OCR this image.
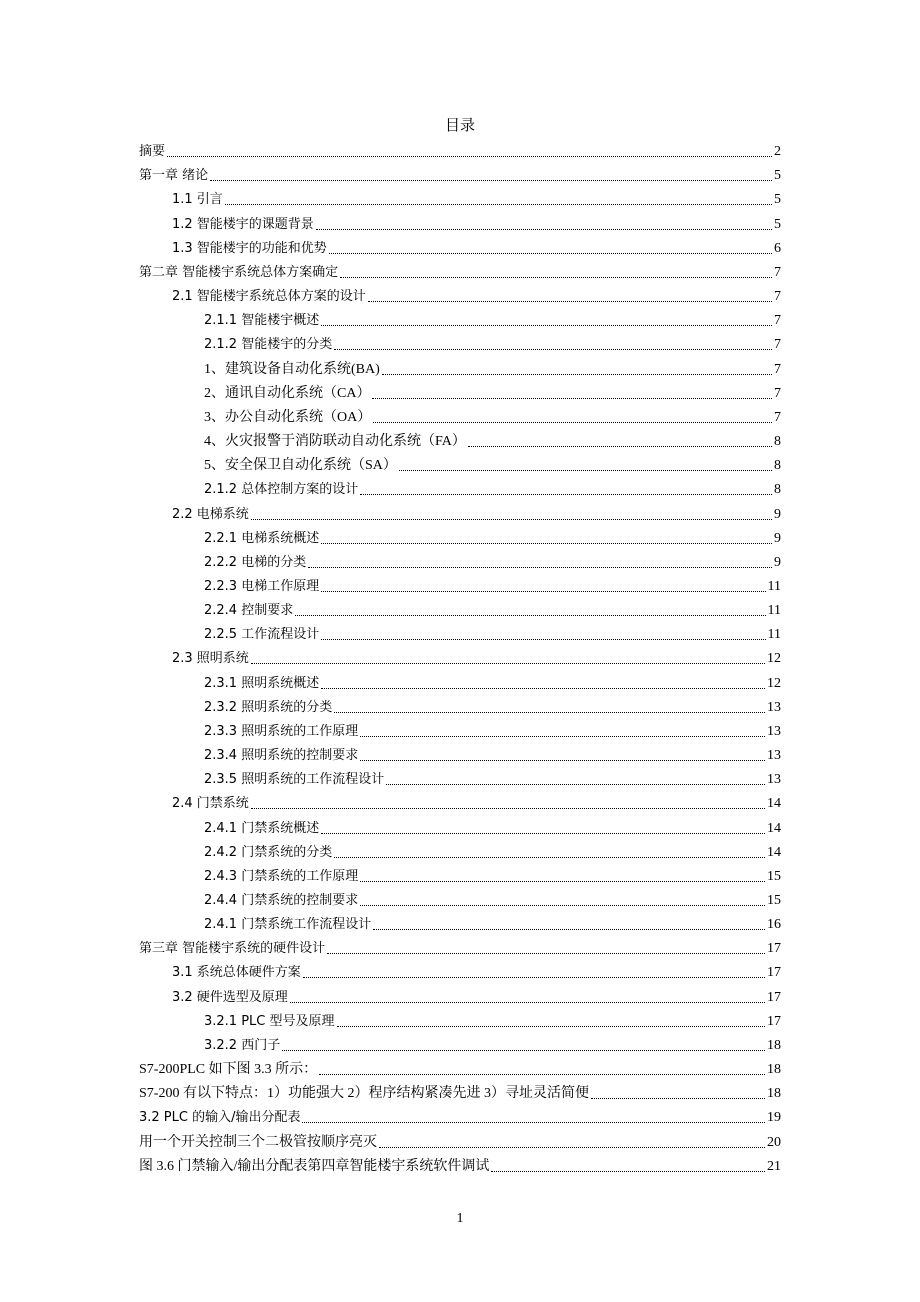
目录
摘要	2
第一章 绪论	5
1.1 引言	5
1.2 智能楼宇的课题背景	5
1.3 智能楼宇的功能和优势	6
第二章 智能楼宇系统总体方案确定	7
2.1 智能楼宇系统总体方案的设计	7
2.1.1 智能楼宇概述	7
2.1.2 智能楼宇的分类	7
1、建筑设备自动化系统(BA)	7
2、通讯自动化系统（CA）	7
3、办公自动化系统（OA）	7
4、火灾报警于消防联动自动化系统（FA）	8
5、安全保卫自动化系统（SA）	8
2.1.2 总体控制方案的设计	8
2.2 电梯系统	9
2.2.1 电梯系统概述	9
2.2.2 电梯的分类	9
2.2.3 电梯工作原理	11
2.2.4 控制要求	11
2.2.5 工作流程设计	11
2.3 照明系统	12
2.3.1 照明系统概述	12
2.3.2 照明系统的分类	13
2.3.3 照明系统的工作原理	13
2.3.4 照明系统的控制要求	13
2.3.5 照明系统的工作流程设计	13
2.4 门禁系统	14
2.4.1 门禁系统概述	14
2.4.2 门禁系统的分类	14
2.4.3 门禁系统的工作原理	15
2.4.4 门禁系统的控制要求	15
2.4.1 门禁系统工作流程设计	16
第三章 智能楼宇系统的硬件设计	17
3.1 系统总体硬件方案	17
3.2 硬件选型及原理	17
3.2.1 PLC 型号及原理	17
3.2.2 西门子	18
S7-200PLC 如下图 3.3 所示：	18
S7-200 有以下特点：1）功能强大 2）程序结构紧凑先进 3）寻址灵活简便	18
3.2 PLC 的输入/输出分配表	19
用一个开关控制三个二极管按顺序亮灭	20
图 3.6 门禁输入/输出分配表第四章智能楼宇系统软件调试	21
1
